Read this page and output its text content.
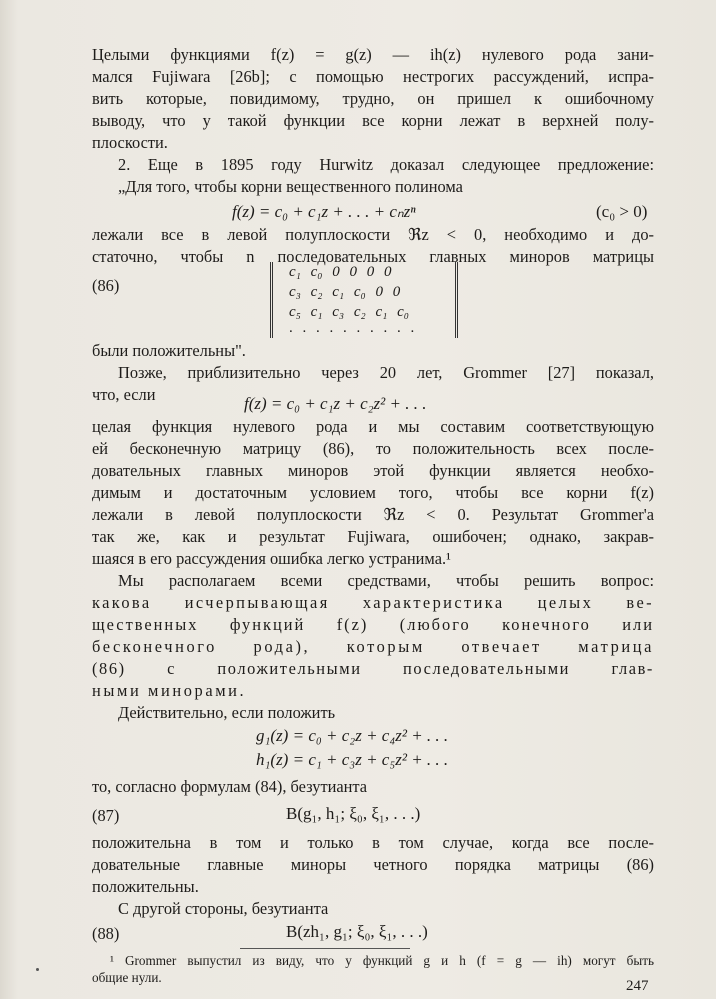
Целыми функциями f(z) = g(z) — ih(z) нулевого рода зани-
мался Fujiwara [26b]; с помощью нестрогих рассуждений, испра-
вить которые, повидимому, трудно, он пришел к ошибочному
выводу, что у такой функции все корни лежат в верхней полу-
плоскости.
2. Еще в 1895 году Hurwitz доказал следующее предложение:
„Для того, чтобы корни вещественного полинома
f(z) = c₀ + c₁z + . . . + cₙzⁿ	(c₀ > 0)
лежали все в левой полуплоскости ℜz < 0, необходимо и до-
статочно, чтобы n последовательных главных миноров матрицы
(86)
c₁ c₀ 0 0 0 0
c₃ c₂ c₁ c₀ 0 0
c₅ c₁ c₃ c₂ c₁ c₀
. . . . . . . . . .
были положительны".
Позже, приблизительно через 20 лет, Grommer [27] показал,
что, если	f(z) = c₀ + c₁z + c₂z² + . . .
целая функция нулевого рода и мы составим соответствующую
ей бесконечную матрицу (86), то положительность всех после-
довательных главных миноров этой функции является необхо-
димым и достаточным условием того, чтобы все корни f(z)
лежали в левой полуплоскости ℜz < 0. Результат Grommer'а
так же, как и результат Fujiwara, ошибочен; однако, закрав-
шаяся в его рассуждения ошибка легко устранима.¹
Мы располагаем всеми средствами, чтобы решить вопрос:
какова исчерпывающая характеристика целых ве-
щественных функций f(z) (любого конечного или
бесконечного рода), которым отвечает матрица
(86) с положительными последовательными глав-
ными минорами.
Действительно, если положить
g₁(z) = c₀ + c₂z + c₄z² + . . .
h₁(z) = c₁ + c₃z + c₅z² + . . .
то, согласно формулам (84), безутианта
(87)	B(g₁, h₁; ξ₀, ξ₁, . . .)
положительна в том и только в том случае, когда все после-
довательные главные миноры четного порядка матрицы (86)
положительны.
С другой стороны, безутианта
(88)	B(zh₁, g₁; ξ₀, ξ₁, . . .)
¹ Grommer выпустил из виду, что у функций g и h (f = g — ih) могут быть
общие нули.
247
